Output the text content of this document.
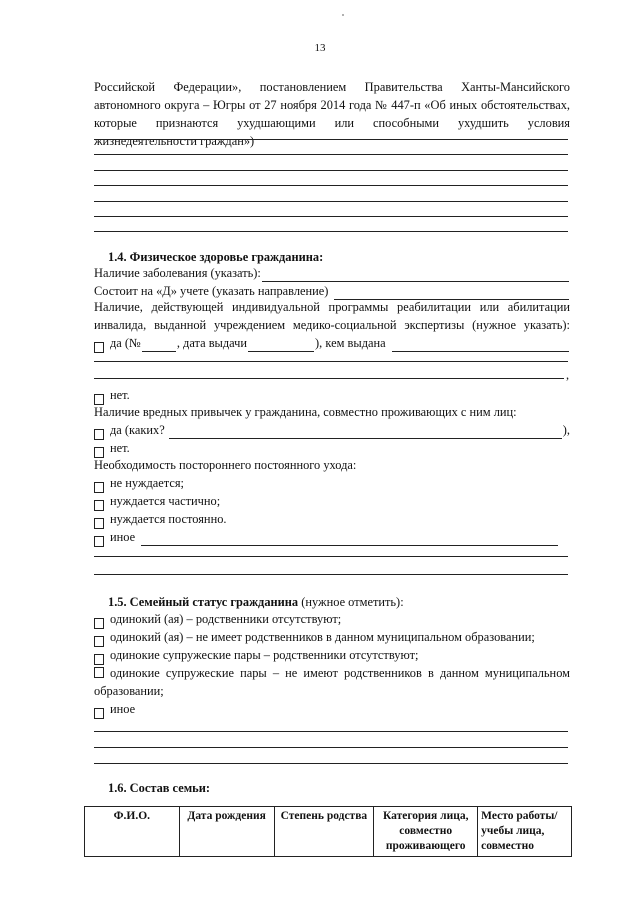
13
Российской Федерации», постановлением Правительства Ханты-Мансийского автономного округа – Югры от 27 ноября 2014 года № 447-п «Об иных обстоятельствах, которые признаются ухудшающими или способными ухудшить условия жизнедеятельности граждан»)
1.4. Физическое здоровье гражданина:
Наличие заболевания (указать):
Состоит на «Д» учете (указать направление)
Наличие, действующей индивидуальной программы реабилитации или абилитации инвалида, выданной учреждением медико-социальной экспертизы (нужное указать):
да (№	, дата выдачи	), кем выдана
,
нет.
Наличие вредных привычек у гражданина, совместно проживающих с ним лиц:
да (каких?	),
нет.
Необходимость постороннего постоянного ухода:
не нуждается;
нуждается частично;
нуждается постоянно.
иное
1.5. Семейный статус гражданина (нужное отметить):
одинокий (ая) – родственники отсутствуют;
одинокий (ая) – не имеет родственников в данном муниципальном образовании;
одинокие супружеские пары – родственники отсутствуют;
одинокие супружеские пары – не имеют родственников в данном муниципальном образовании;
иное
1.6. Состав семьи:
Ф.И.О.	Дата рождения	Степень родства	Категория лица, совместно проживающего	Место работы/учебы лица, совместно
